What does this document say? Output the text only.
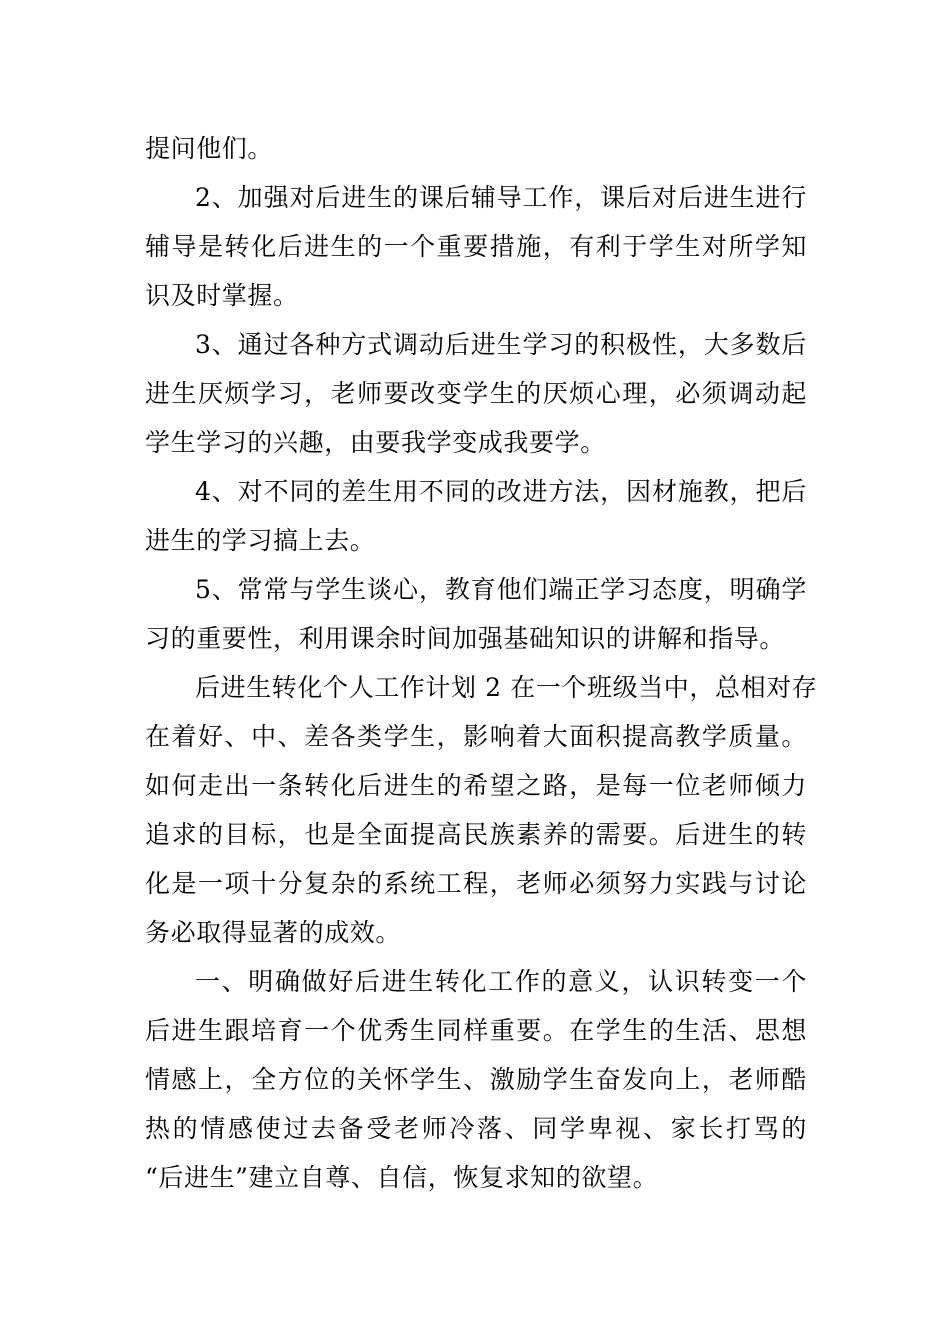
提问他们。
2、加强对后进生的课后辅导工作，课后对后进生进行
辅导是转化后进生的一个重要措施，有利于学生对所学知
识及时掌握。
3、通过各种方式调动后进生学习的积极性，大多数后
进生厌烦学习，老师要改变学生的厌烦心理，必须调动起
学生学习的兴趣，由要我学变成我要学。
4、对不同的差生用不同的改进方法，因材施教，把后
进生的学习搞上去。
5、常常与学生谈心，教育他们端正学习态度，明确学
习的重要性，利用课余时间加强基础知识的讲解和指导。
后进生转化个人工作计划 2 在一个班级当中，总相对存
在着好、中、差各类学生，影响着大面积提高教学质量。
如何走出一条转化后进生的希望之路，是每一位老师倾力
追求的目标，也是全面提高民族素养的需要。后进生的转
化是一项十分复杂的系统工程，老师必须努力实践与讨论
务必取得显著的成效。
一、明确做好后进生转化工作的意义，认识转变一个
后进生跟培育一个优秀生同样重要。在学生的生活、思想
情感上，全方位的关怀学生、激励学生奋发向上，老师酷
热的情感使过去备受老师冷落、同学卑视、家长打骂的
“后进生”建立自尊、自信，恢复求知的欲望。
